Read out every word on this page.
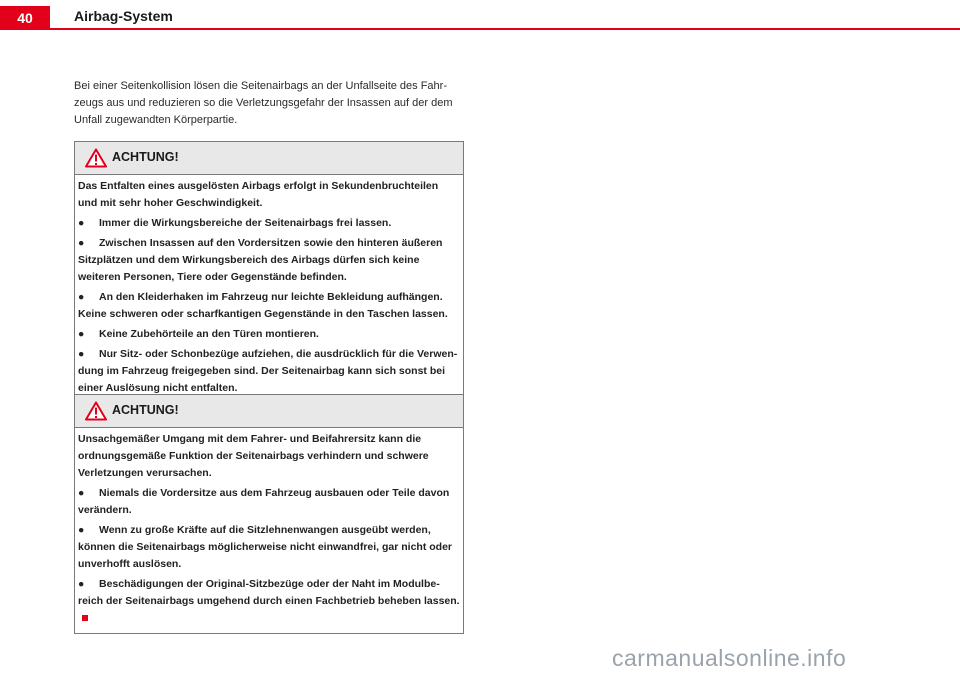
40	Airbag-System

Bei einer Seitenkollision lösen die Seitenairbags an der Unfallseite des Fahr-zeugs aus und reduzieren so die Verletzungsgefahr der Insassen auf der dem Unfall zugewandten Körperpartie.

ACHTUNG!

Das Entfalten eines ausgelösten Airbags erfolgt in Sekundenbruchteilen und mit sehr hoher Geschwindigkeit.

● Immer die Wirkungsbereiche der Seitenairbags frei lassen.

● Zwischen Insassen auf den Vordersitzen sowie den hinteren äußeren Sitzplätzen und dem Wirkungsbereich des Airbags dürfen sich keine weiteren Personen, Tiere oder Gegenstände befinden.

● An den Kleiderhaken im Fahrzeug nur leichte Bekleidung aufhängen. Keine schweren oder scharfkantigen Gegenstände in den Taschen lassen.

● Keine Zubehörteile an den Türen montieren.

● Nur Sitz- oder Schonbezüge aufziehen, die ausdrücklich für die Verwen-dung im Fahrzeug freigegeben sind. Der Seitenairbag kann sich sonst bei einer Auslösung nicht entfalten.

ACHTUNG!

Unsachgemäßer Umgang mit dem Fahrer- und Beifahrersitz kann die ordnungsgemäße Funktion der Seitenairbags verhindern und schwere Verletzungen verursachen.

● Niemals die Vordersitze aus dem Fahrzeug ausbauen oder Teile davon verändern.

● Wenn zu große Kräfte auf die Sitzlehnenwangen ausgeübt werden, können die Seitenairbags möglicherweise nicht einwandfrei, gar nicht oder unverhofft auslösen.

● Beschädigungen der Original-Sitzbezüge oder der Naht im Modulbe-reich der Seitenairbags umgehend durch einen Fachbetrieb beheben lassen.

carmanualsonline.info
